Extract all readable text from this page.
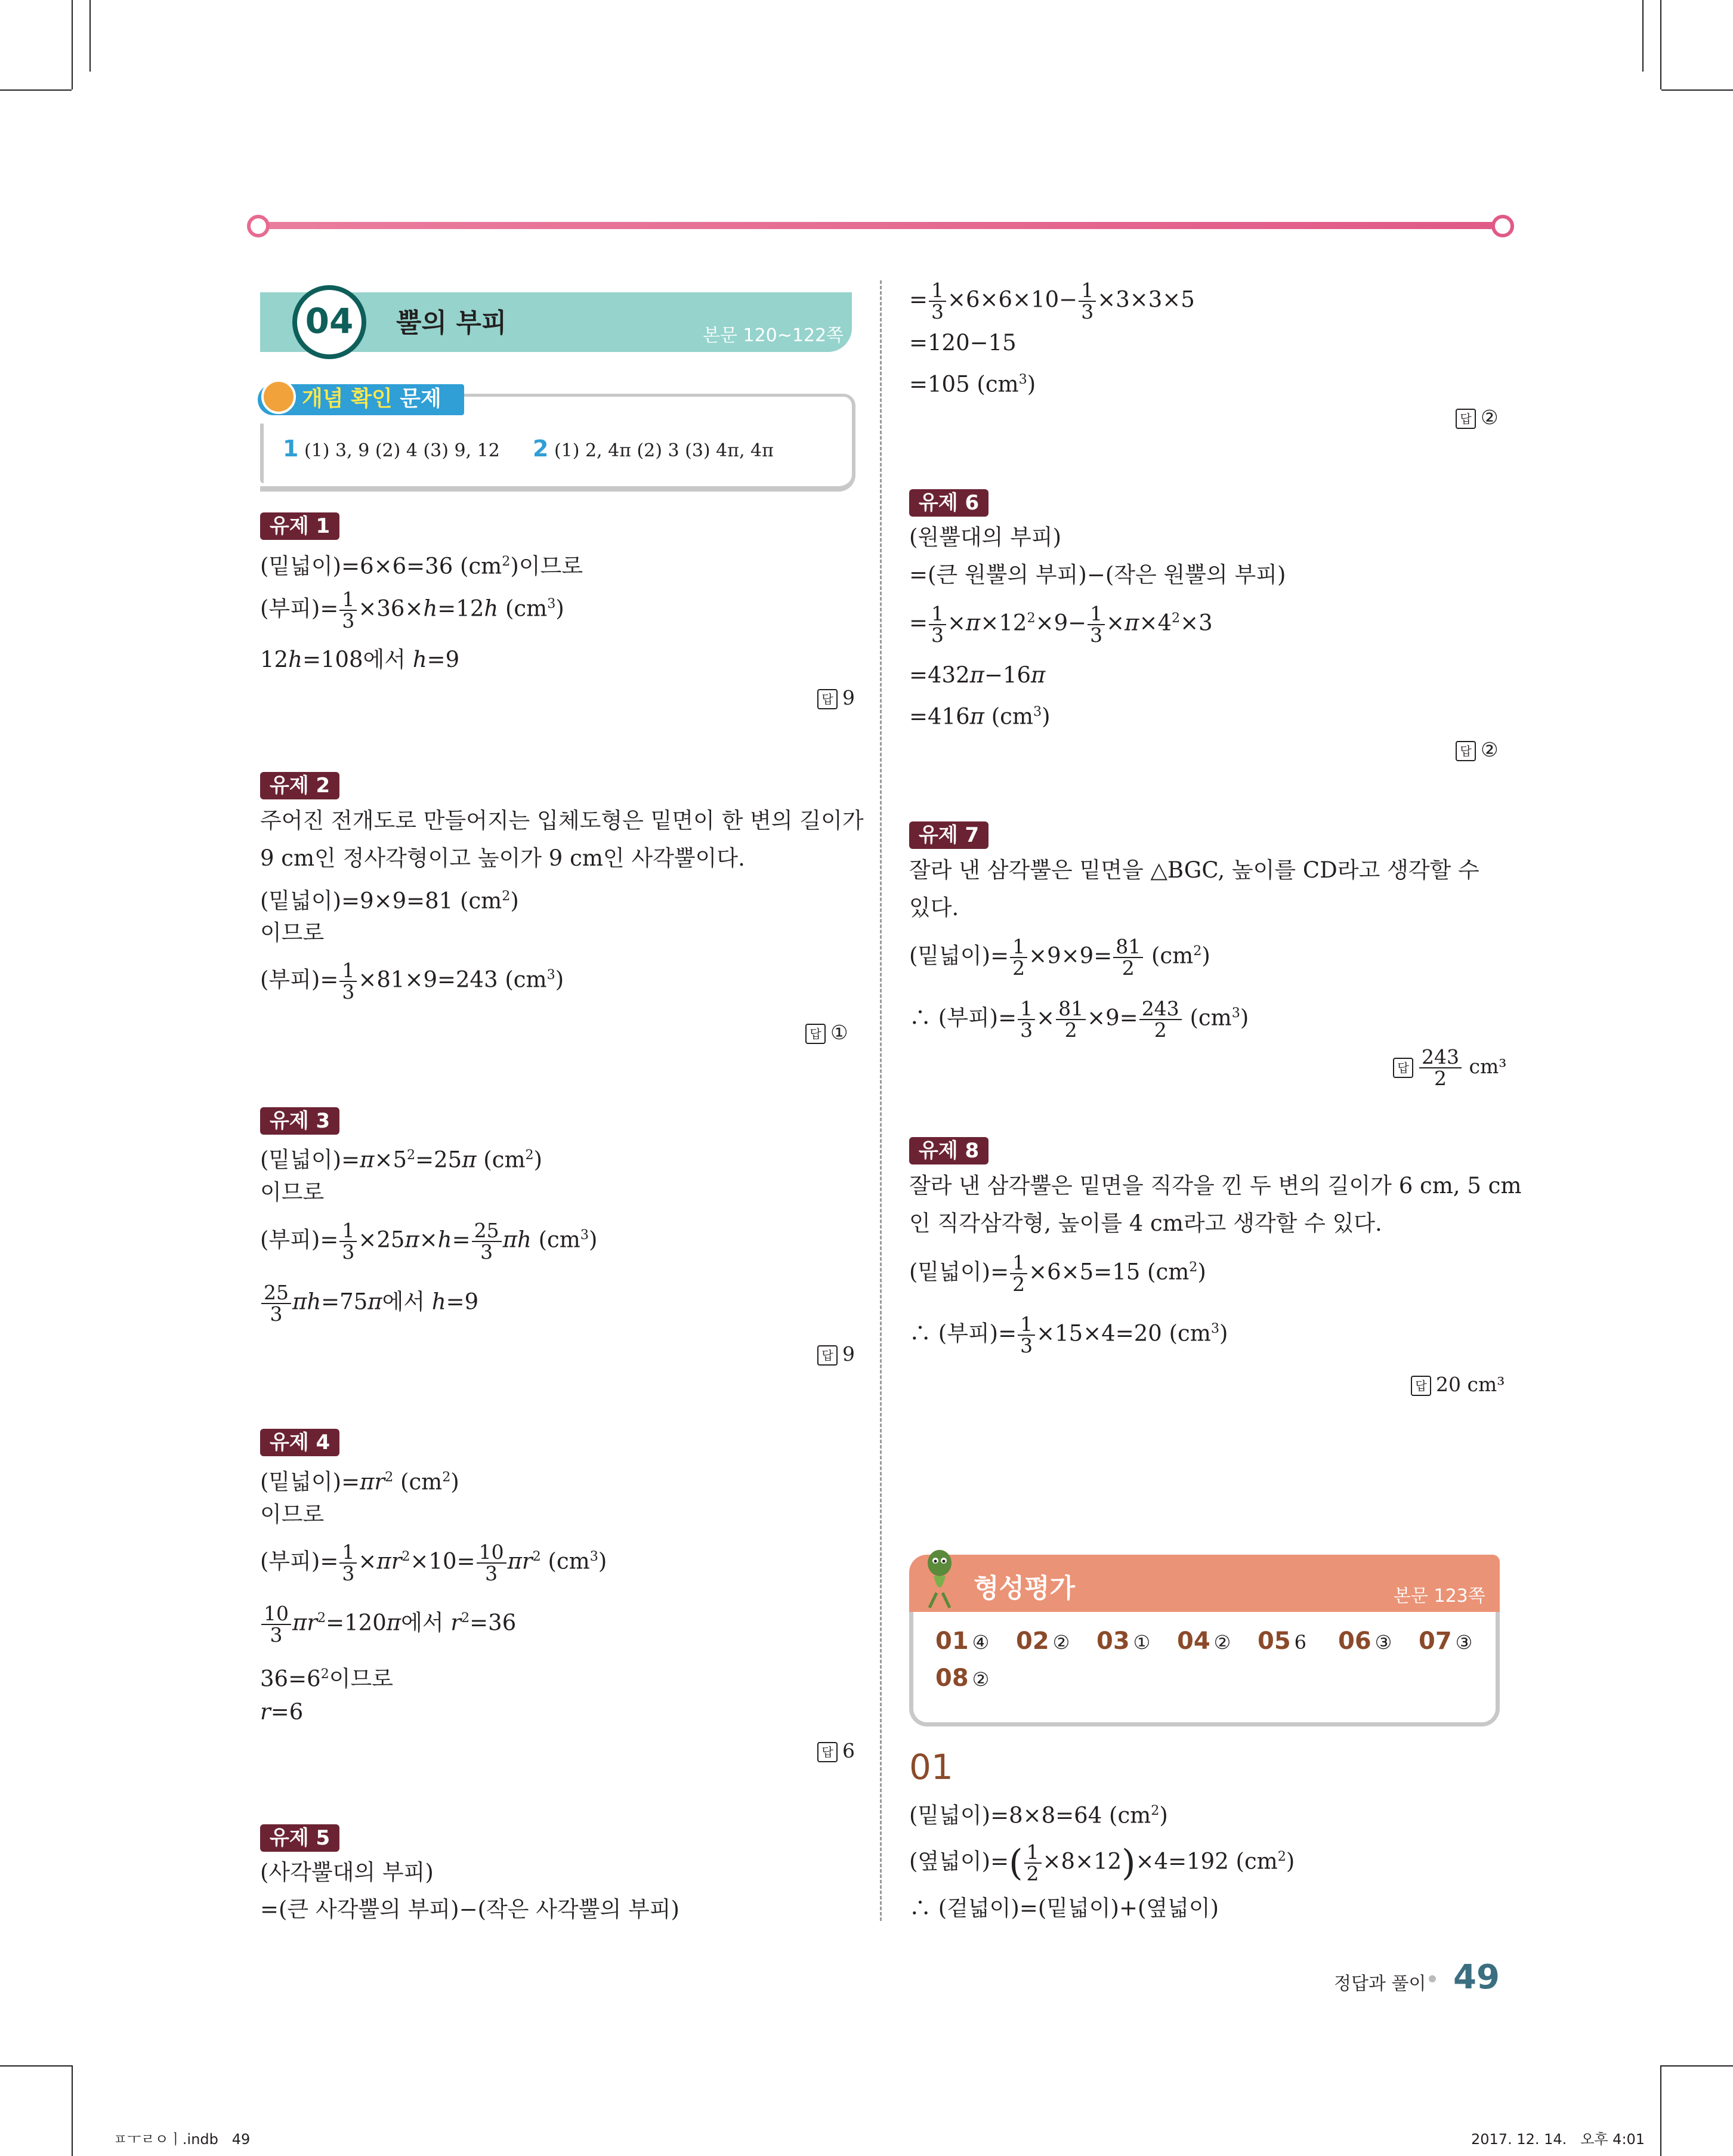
04	뿔의 부피	본문 120~122쪽
개념 확인 문제
1 (1) 3, 9 (2) 4 (3) 9, 12 2 (1) 2, 4π (2) 3 (3) 4π, 4π
유제 1
(밑넓이)=6×6=36 $(cm^2)$이므로
(부피)= $\frac{1}{3} \times 36\times h=12h$ $(cm^3)$
12h=108에서 h=9
답 9
유제 2
주어진 전개도로 만들어지는 입체도형은 밑면이 한 변의 길이가
9 cm인 정사각형이고 높이가 9 cm인 사각뿔이다.
(밑넓이)=9×9=81 $(cm^2)$
이므로
(부피)= $\frac{1}{3} \times 81\times 9=243$ $(cm^3)$
답 ①
유제 3
(밑넓이)$=\pi\times 5^2=25\pi$ $(cm^2)$
이므로
(부피)= $\frac{1}{3} \times 25\pi\times h= \frac{25}{3}$ πh $(cm^3)$
$\frac{25}{3} \pi h=75\pi$에서 h=9
답 9
유제 4
(밑넓이)$=\pi r^2$ $(cm^2)$
이므로
(부피)= $\frac{1}{3} \times\pi r^2\times 10= \frac{10}{3} \pi r^2$ $(cm^3)$
$\frac{10}{3} \pi r^2=120\pi$에서 $r^2=36$
$36=6^2$이므로
r=6
답 6
유제 5
(사각뿔대의 부피)
=(큰 사각뿔의 부피)−(작은 사각뿔의 부피)
= $\frac{1}{3} \times 6\times 6\times 10- \frac{1}{3} \times 3\times 3\times 5$
=120−15
=105 $(cm^3)$
답 ②
유제 6
(원뿔대의 부피)
=(큰 원뿔의 부피)−(작은 원뿔의 부피)
= $\frac{1}{3} \times\pi\times 12^2\times 9- \frac{1}{3} \times\pi\times 4^2\times 3$
=432π−16π
=416π $(cm^3)$
답 ②
유제 7
잘라 낸 삼각뿔은 밑면을 △BGC, 높이를 CD라고 생각할 수
있다.
(밑넓이)= $\frac{1}{2} \times 9\times 9= \frac{81}{2} (cm^2)$
∴ (부피)= $\frac{1}{3} \times \frac{81}{2} \times 9= \frac{243}{2} (cm^3)$
답 $\frac{243}{2} cm^3$
유제 8
잘라 낸 삼각뿔은 밑면을 직각을 낀 두 변의 길이가 6 cm, 5 cm
인 직각삼각형, 높이를 4 cm라고 생각할 수 있다.
(밑넓이)= $\frac{1}{2} \times 6\times 5=15$ $(cm^2)$
∴ (부피)= $\frac{1}{3} \times 15\times 4=20$ $(cm^3)$
답 20 cm³
형성평가	본문 123쪽
01 ④ 02 ② 03 ① 04 ② 05 6 06 ③ 07 ③
08 ②
01
(밑넓이)=8×8=64 $(cm^2)$
(옆넓이)=( $\frac{1}{2} \times 8\times 12)\times 4=192$ $(cm^2)$
∴ (겉넓이)=(밑넓이)+(옆넓이)
정답과 풀이 49
ㅍㅜㄹㅇㅣ.indb   49	2017. 12. 14.   오후 4:01
